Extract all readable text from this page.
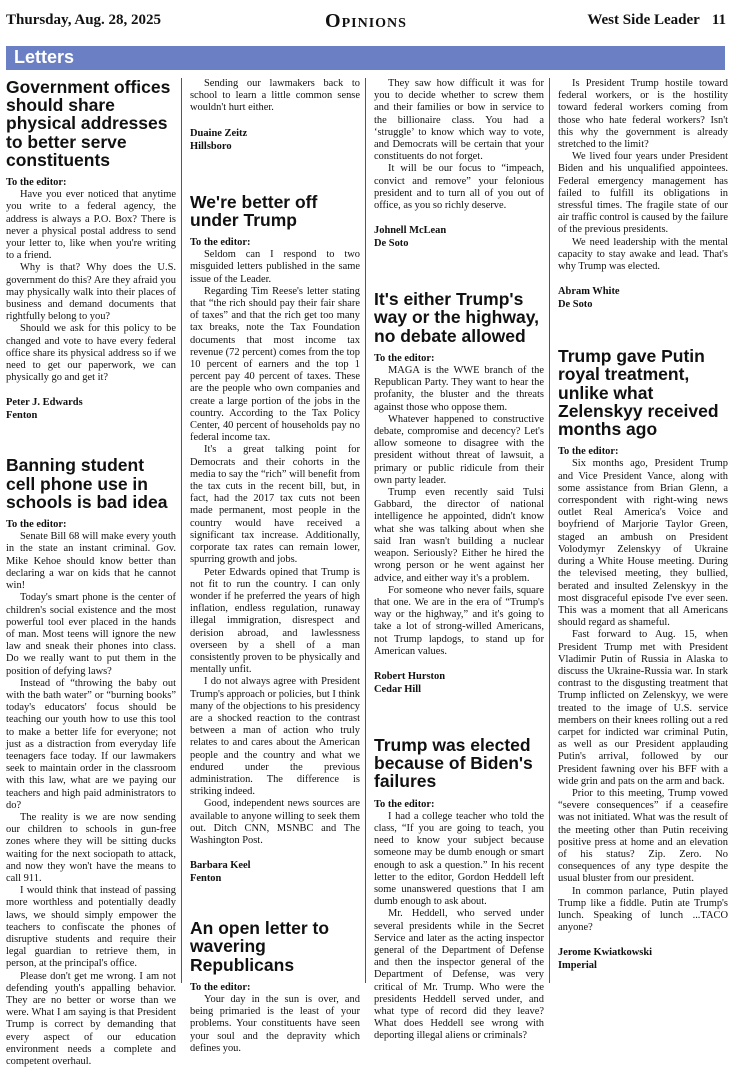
Thursday, Aug. 28, 2025	Opinions	West Side Leader 11
Letters
Government offices should share physical addresses to better serve constituents

To the editor:

Have you ever noticed that anytime you write to a federal agency, the address is always a P.O. Box? There is never a physical postal address to send your letter to, like when you're writing to a friend.

Why is that? Why does the U.S. government do this? Are they afraid you may physically walk into their places of business and demand documents that rightfully belong to you?

Should we ask for this policy to be changed and vote to have every federal office share its physical address so if we need to get our paperwork, we can physically go and get it?

Peter J. Edwards
Fenton
Banning student cell phone use in schools is bad idea

To the editor:

Senate Bill 68 will make every youth in the state an instant criminal. Gov. Mike Kehoe should know better than declaring a war on kids that he cannot win!

Today's smart phone is the center of children's social existence and the most powerful tool ever placed in the hands of man. Most teens will ignore the new law and sneak their phones into class. Do we really want to put them in the position of defying laws?

Instead of “throwing the baby out with the bath water” or “burning books” today's educators' focus should be teaching our youth how to use this tool to make a better life for everyone; not just as a distraction from everyday life teenagers face today. If our lawmakers seek to maintain order in the classroom with this law, what are we paying our teachers and high paid administrators to do?

The reality is we are now sending our children to schools in gun-free zones where they will be sitting ducks waiting for the next sociopath to attack, and now they won't have the means to call 911.

I would think that instead of passing more worthless and potentially deadly laws, we should simply empower the teachers to confiscate the phones of disruptive students and require their legal guardian to retrieve them, in person, at the principal's office.

Please don't get me wrong. I am not defending youth's appalling behavior. They are no better or worse than we were. What I am saying is that President Trump is correct by demanding that every aspect of our education environment needs a complete and competent overhaul.

Sending our lawmakers back to school to learn a little common sense wouldn't hurt either.

Duaine Zeitz
Hillsboro
We're better off under Trump

To the editor:

Seldom can I respond to two misguided letters published in the same issue of the Leader.

Regarding Tim Reese's letter stating that “the rich should pay their fair share of taxes” and that the rich get too many tax breaks, note the Tax Foundation documents that most income tax revenue (72 percent) comes from the top 10 percent of earners and the top 1 percent pay 40 percent of taxes. These are the people who own companies and create a large portion of the jobs in the country. According to the Tax Policy Center, 40 percent of households pay no federal income tax.

It's a great talking point for Democrats and their cohorts in the media to say the “rich” will benefit from the tax cuts in the recent bill, but, in fact, had the 2017 tax cuts not been made permanent, most people in the country would have received a significant tax increase. Additionally, corporate tax rates can remain lower, spurring growth and jobs.

Peter Edwards opined that Trump is not fit to run the country. I can only wonder if he preferred the years of high inflation, endless regulation, runaway illegal immigration, disrespect and derision abroad, and lawlessness overseen by a shell of a man consistently proven to be physically and mentally unfit.

I do not always agree with President Trump's approach or policies, but I think many of the objections to his presidency are a shocked reaction to the contrast between a man of action who truly relates to and cares about the American people and the country and what we endured under the previous administration. The difference is striking indeed.

Good, independent news sources are available to anyone willing to seek them out. Ditch CNN, MSNBC and The Washington Post.

Barbara Keel
Fenton
An open letter to wavering Republicans

To the editor:

Your day in the sun is over, and being primaried is the least of your problems. Your constituents have seen your soul and the depravity which defines you.

They saw how difficult it was for you to decide whether to screw them and their families or bow in service to the billionaire class. You had a ‘struggle’ to know which way to vote, and Democrats will be certain that your constituents do not forget.

It will be our focus to “impeach, convict and remove” your felonious president and to turn all of you out of office, as you so richly deserve.

Johnell McLean
De Soto
It's either Trump's way or the highway, no debate allowed

To the editor:

MAGA is the WWE branch of the Republican Party. They want to hear the profanity, the bluster and the threats against those who oppose them.

Whatever happened to constructive debate, compromise and decency? Let's allow someone to disagree with the president without threat of lawsuit, a primary or public ridicule from their own party leader.

Trump even recently said Tulsi Gabbard, the director of national intelligence he appointed, didn't know what she was talking about when she said Iran wasn't building a nuclear weapon. Seriously? Either he hired the wrong person or he went against her advice, and either way it's a problem.

For someone who never fails, square that one. We are in the era of “Trump's way or the highway,” and it's going to take a lot of strong-willed Americans, not Trump lapdogs, to stand up for American values.

Robert Hurston
Cedar Hill
Trump was elected because of Biden's failures

To the editor:

I had a college teacher who told the class, “If you are going to teach, you need to know your subject because someone may be dumb enough or smart enough to ask a question.” In his recent letter to the editor, Gordon Heddell left some unanswered questions that I am dumb enough to ask about.

Mr. Heddell, who served under several presidents while in the Secret Service and later as the acting inspector general of the Department of Defense and then the inspector general of the Department of Defense, was very critical of Mr. Trump. Who were the presidents Heddell served under, and what type of record did they leave? What does Heddell see wrong with deporting illegal aliens or criminals?

Is President Trump hostile toward federal workers, or is the hostility toward federal workers coming from those who hate federal workers? Isn't this why the government is already stretched to the limit?

We lived four years under President Biden and his unqualified appointees. Federal emergency management has failed to fulfill its obligations in stressful times. The fragile state of our air traffic control is caused by the failure of the previous presidents.

We need leadership with the mental capacity to stay awake and lead. That's why Trump was elected.

Abram White
De Soto
Trump gave Putin royal treatment, unlike what Zelenskyy received months ago

To the editor:

Six months ago, President Trump and Vice President Vance, along with some assistance from Brian Glenn, a correspondent with right-wing news outlet Real America's Voice and boyfriend of Marjorie Taylor Green, staged an ambush on President Volodymyr Zelenskyy of Ukraine during a White House meeting. During the televised meeting, they bullied, berated and insulted Zelenskyy in the most disgraceful episode I've ever seen. This was a moment that all Americans should regard as shameful.

Fast forward to Aug. 15, when President Trump met with President Vladimir Putin of Russia in Alaska to discuss the Ukraine-Russia war. In stark contrast to the disgusting treatment that Trump inflicted on Zelenskyy, we were treated to the image of U.S. service members on their knees rolling out a red carpet for indicted war criminal Putin, as well as our President applauding Putin's arrival, followed by our President fawning over his BFF with a wide grin and pats on the arm and back.

Prior to this meeting, Trump vowed “severe consequences” if a ceasefire was not initiated. What was the result of the meeting other than Putin receiving positive press at home and an elevation of his status? Zip. Zero. No consequences of any type despite the usual bluster from our president.

In common parlance, Putin played Trump like a fiddle. Putin ate Trump's lunch. Speaking of lunch ...TACO anyone?

Jerome Kwiatkowski
Imperial
